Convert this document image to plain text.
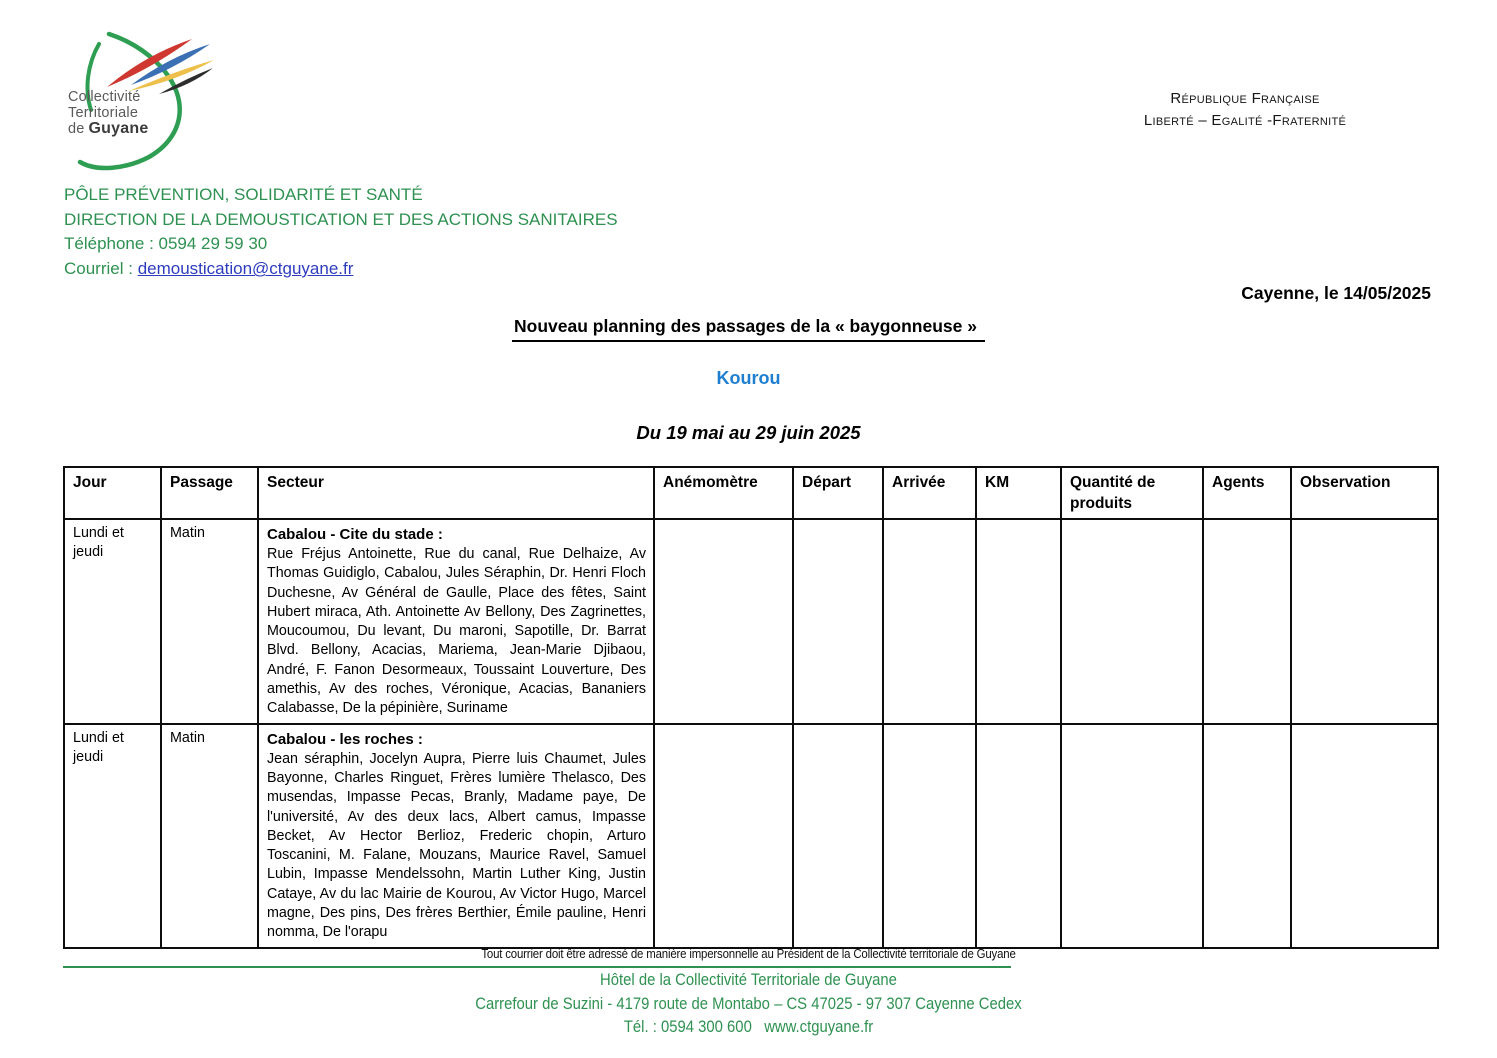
Collectivité
Territoriale
de Guyane
République Française
Liberté – Egalité -Fraternité
PÔLE PRÉVENTION, SOLIDARITÉ ET SANTÉ
DIRECTION DE LA DEMOUSTICATION ET DES ACTIONS SANITAIRES
Téléphone : 0594 29 59 30
Courriel : demoustication@ctguyane.fr
Cayenne, le 14/05/2025
Nouveau planning des passages de la « baygonneuse »
Kourou
Du 19 mai au 29 juin 2025
Jour	Passage	Secteur	Anémomètre	Départ	Arrivée	KM	Quantité de produits	Agents	Observation
Lundi et jeudi	Matin	Cabalou - Cite du stade :
Rue Fréjus Antoinette, Rue du canal, Rue Delhaize, Av Thomas Guidiglo, Cabalou, Jules Séraphin, Dr. Henri Floch Duchesne, Av Général de Gaulle, Place des fêtes, Saint Hubert miraca, Ath. Antoinette Av Bellony, Des Zagrinettes, Moucoumou, Du levant, Du maroni, Sapotille, Dr. Barrat Blvd. Bellony, Acacias, Mariema, Jean-Marie Djibaou, André, F. Fanon Desormeaux, Toussaint Louverture, Des amethis, Av des roches, Véronique, Acacias, Bananiers Calabasse, De la pépinière, Suriname							

Lundi et jeudi	Matin	Cabalou - les roches :
Jean séraphin, Jocelyn Aupra, Pierre luis Chaumet, Jules Bayonne, Charles Ringuet, Frères lumière Thelasco, Des musendas, Impasse Pecas, Branly, Madame paye, De l'université, Av des deux lacs, Albert camus, Impasse Becket, Av Hector Berlioz, Frederic chopin, Arturo Toscanini, M. Falane, Mouzans, Maurice Ravel, Samuel Lubin, Impasse Mendelssohn, Martin Luther King, Justin Cataye, Av du lac Mairie de Kourou, Av Victor Hugo, Marcel magne, Des pins, Des frères Berthier, Émile pauline, Henri nomma, De l'orapu							

Tout courrier doit être adressé de manière impersonnelle au Président de la Collectivité territoriale de Guyane
Hôtel de la Collectivité Territoriale de Guyane
Carrefour de Suzini - 4179 route de Montabo – CS 47025 - 97 307 Cayenne Cedex
Tél. : 0594 300 600   www.ctguyane.fr
